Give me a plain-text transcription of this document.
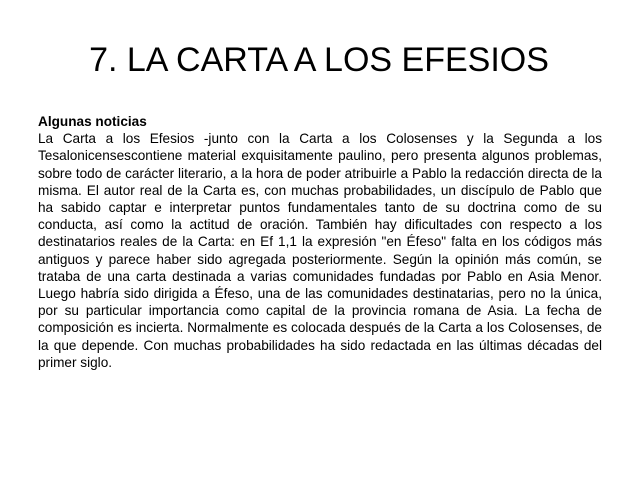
7. LA CARTA A LOS EFESIOS

Algunas noticias

La Carta a los Efesios -junto con la Carta a los Colosenses y la Segunda a los Tesalonicensescontiene material exquisitamente paulino, pero presenta algunos problemas, sobre todo de carácter literario, a la hora de poder atribuirle a Pablo la redacción directa de la misma. El autor real de la Carta es, con muchas probabilidades, un discípulo de Pablo que ha sabido captar e interpretar puntos fundamentales tanto de su doctrina como de su conducta, así como la actitud de oración. También hay dificultades con respecto a los destinatarios reales de la Carta: en Ef 1,1 la expresión "en Éfeso" falta en los códigos más antiguos y parece haber sido agregada posteriormente. Según la opinión más común, se trataba de una carta destinada a varias comunidades fundadas por Pablo en Asia Menor. Luego habría sido dirigida a Éfeso, una de las comunidades destinatarias, pero no la única, por su particular importancia como capital de la provincia romana de Asia. La fecha de composición es incierta. Normalmente es colocada después de la Carta a los Colosenses, de la que depende. Con muchas probabilidades ha sido redactada en las últimas décadas del primer siglo.
